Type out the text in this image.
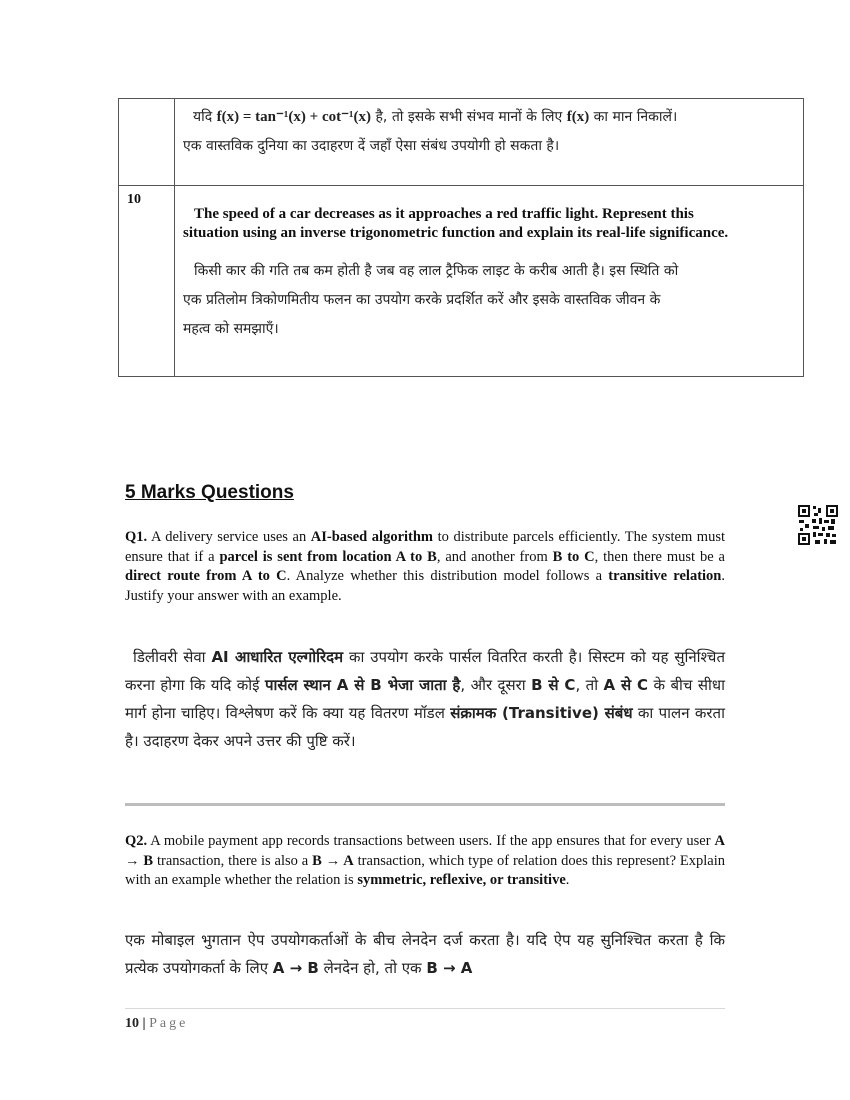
	यदि f(x) = tan⁻¹(x) + cot⁻¹(x) है, तो इसके सभी संभव मानों के लिए f(x) का मान निकालें।
एक वास्तविक दुनिया का उदाहरण दें जहाँ ऐसा संबंध उपयोगी हो सकता है।

10	The speed of a car decreases as it approaches a red traffic light. Represent this
situation using an inverse trigonometric function and explain its real-life significance.
किसी कार की गति तब कम होती है जब वह लाल ट्रैफिक लाइट के करीब आती है। इस स्थिति को
एक प्रतिलोम त्रिकोणमितीय फलन का उपयोग करके प्रदर्शित करें और इसके वास्तविक जीवन के
महत्व को समझाएँ।
5 Marks Questions
Q1. A delivery service uses an AI-based algorithm to distribute parcels efficiently. The system must ensure that if a parcel is sent from location A to B, and another from B to C, then there must be a direct route from A to C. Analyze whether this distribution model follows a transitive relation. Justify your answer with an example.
डिलीवरी सेवा AI आधारित एल्गोरिदम का उपयोग करके पार्सल वितरित करती है। सिस्टम को यह सुनिश्चित करना होगा कि यदि कोई पार्सल स्थान A से B भेजा जाता है, और दूसरा B से C, तो A से C के बीच सीधा मार्ग होना चाहिए। विश्लेषण करें कि क्या यह वितरण मॉडल संक्रामक (Transitive) संबंध का पालन करता है। उदाहरण देकर अपने उत्तर की पुष्टि करें।
Q2. A mobile payment app records transactions between users. If the app ensures that for every user A → B transaction, there is also a B → A transaction, which type of relation does this represent? Explain with an example whether the relation is symmetric, reflexive, or transitive.
एक मोबाइल भुगतान ऐप उपयोगकर्ताओं के बीच लेनदेन दर्ज करता है। यदि ऐप यह सुनिश्चित करता है कि प्रत्येक उपयोगकर्ता के लिए A → B लेनदेन हो, तो एक B → A
10 | Page
